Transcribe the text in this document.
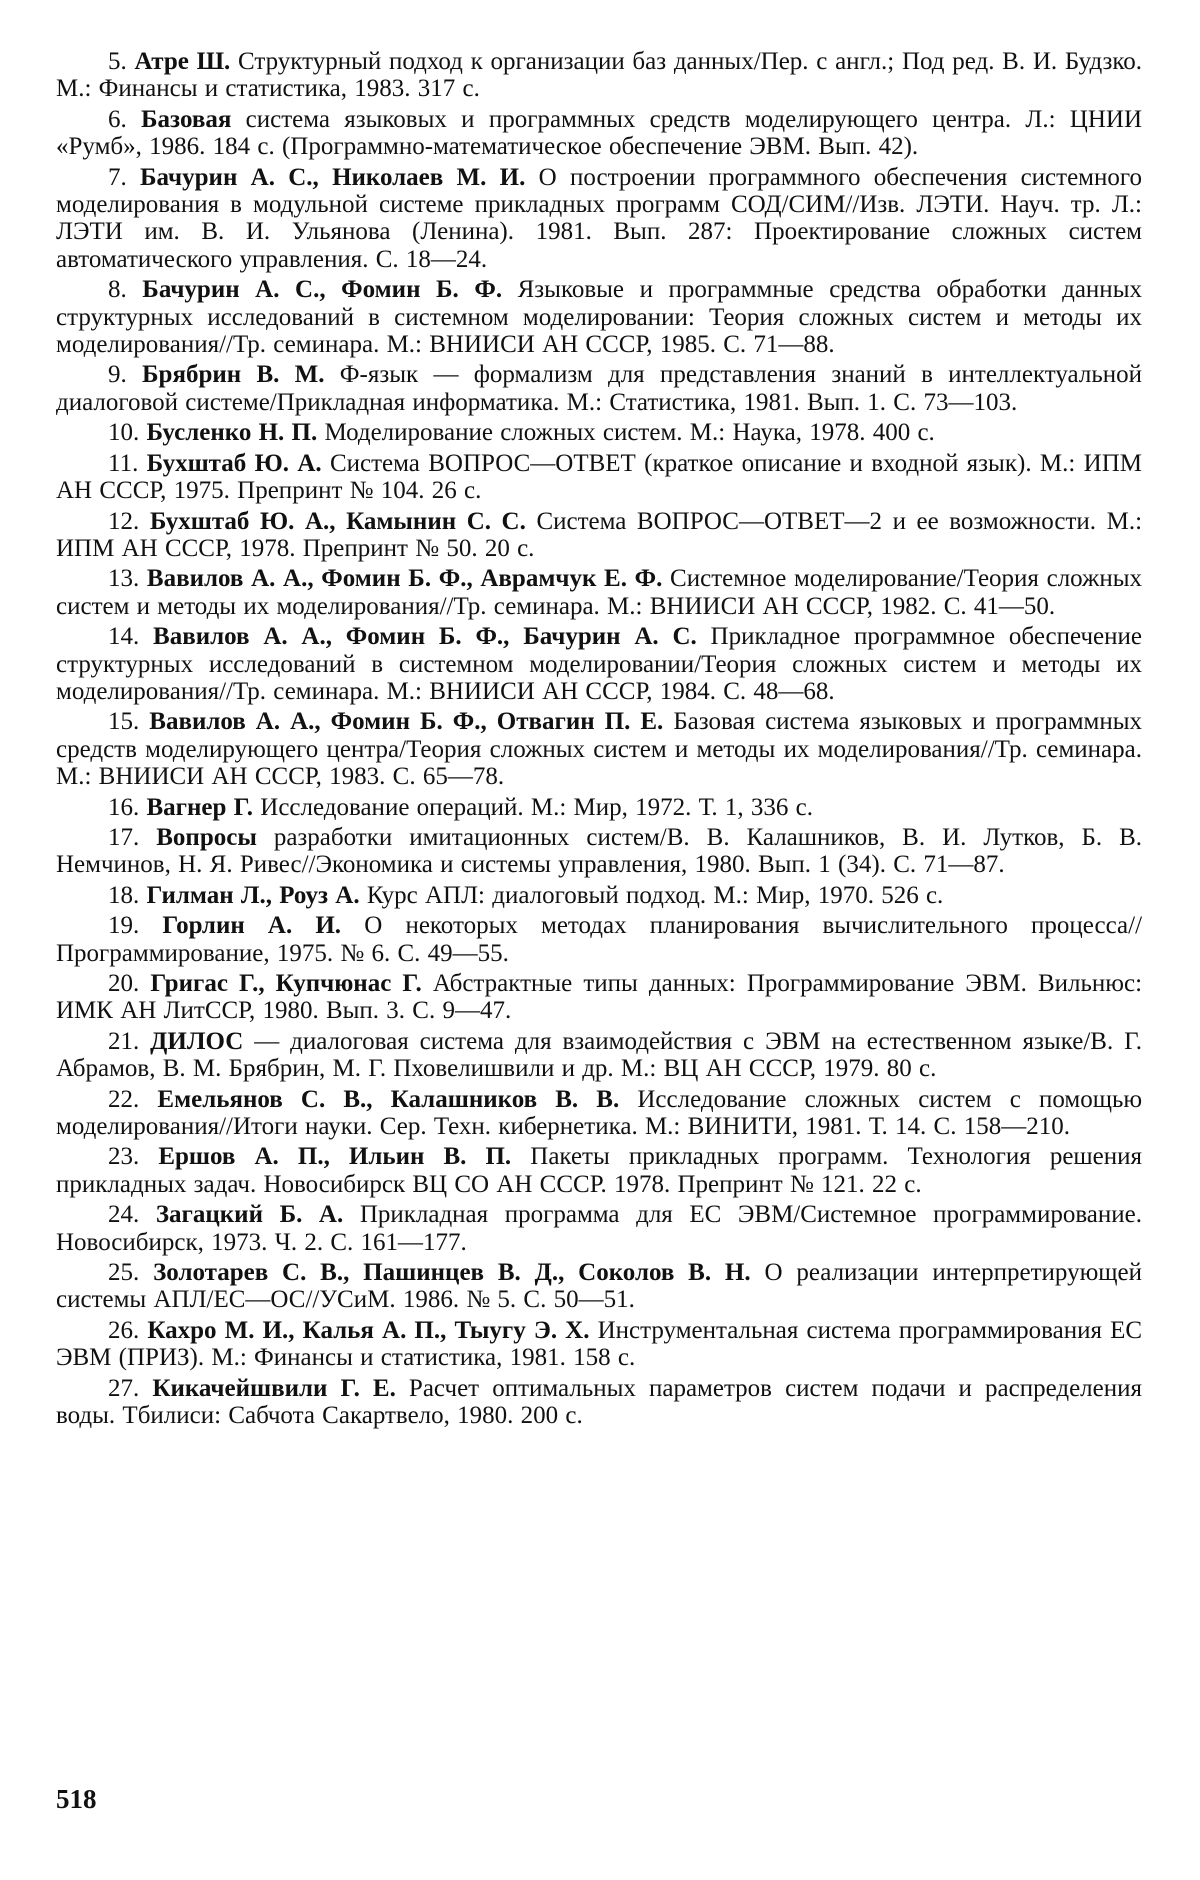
5. Атре Ш. Структурный подход к организации баз данных/Пер. с англ.; Под ред. В. И. Будзко. М.: Финансы и статистика, 1983. 317 с.
6. Базовая система языковых и программных средств моделирующего центра. Л.: ЦНИИ «Румб», 1986. 184 с. (Программно-математическое обеспечение ЭВМ. Вып. 42).
7. Бачурин А. С., Николаев М. И. О построении программного обеспечения системного моделирования в модульной системе прикладных программ СОД/СИМ//Изв. ЛЭТИ. Науч. тр. Л.: ЛЭТИ им. В. И. Ульянова (Ленина). 1981. Вып. 287: Проектирование сложных систем автоматического управления. С. 18—24.
8. Бачурин А. С., Фомин Б. Ф. Языковые и программные средства обработки данных структурных исследований в системном моделировании: Теория сложных систем и методы их моделирования//Тр. семинара. М.: ВНИИСИ АН СССР, 1985. С. 71—88.
9. Брябрин В. М. Ф-язык — формализм для представления знаний в интеллектуальной диалоговой системе/Прикладная информатика. М.: Статистика, 1981. Вып. 1. С. 73—103.
10. Бусленко Н. П. Моделирование сложных систем. М.: Наука, 1978. 400 с.
11. Бухштаб Ю. А. Система ВОПРОС—ОТВЕТ (краткое описание и входной язык). М.: ИПМ АН СССР, 1975. Препринт № 104. 26 с.
12. Бухштаб Ю. А., Камынин С. С. Система ВОПРОС—ОТВЕТ—2 и ее возможности. М.: ИПМ АН СССР, 1978. Препринт № 50. 20 с.
13. Вавилов А. А., Фомин Б. Ф., Аврамчук Е. Ф. Системное моделирование/Теория сложных систем и методы их моделирования//Тр. семинара. М.: ВНИИСИ АН СССР, 1982. С. 41—50.
14. Вавилов А. А., Фомин Б. Ф., Бачурин А. С. Прикладное программное обеспечение структурных исследований в системном моделировании/Теория сложных систем и методы их моделирования//Тр. семинара. М.: ВНИИСИ АН СССР, 1984. С. 48—68.
15. Вавилов А. А., Фомин Б. Ф., Отвагин П. Е. Базовая система языковых и программных средств моделирующего центра/Теория сложных систем и методы их моделирования//Тр. семинара. М.: ВНИИСИ АН СССР, 1983. С. 65—78.
16. Вагнер Г. Исследование операций. М.: Мир, 1972. Т. 1, 336 с.
17. Вопросы разработки имитационных систем/В. В. Калашников, В. И. Лутков, Б. В. Немчинов, Н. Я. Ривес//Экономика и системы управления, 1980. Вып. 1 (34). С. 71—87.
18. Гилман Л., Роуз А. Курс АПЛ: диалоговый подход. М.: Мир, 1970. 526 с.
19. Горлин А. И. О некоторых методах планирования вычислительного процесса//Программирование, 1975. № 6. С. 49—55.
20. Григас Г., Купчюнас Г. Абстрактные типы данных: Программирование ЭВМ. Вильнюс: ИМК АН ЛитССР, 1980. Вып. 3. С. 9—47.
21. ДИЛОС — диалоговая система для взаимодействия с ЭВМ на естественном языке/В. Г. Абрамов, В. М. Брябрин, М. Г. Пховелишвили и др. М.: ВЦ АН СССР, 1979. 80 с.
22. Емельянов С. В., Калашников В. В. Исследование сложных систем с помощью моделирования//Итоги науки. Сер. Техн. кибернетика. М.: ВИНИТИ, 1981. Т. 14. С. 158—210.
23. Ершов А. П., Ильин В. П. Пакеты прикладных программ. Технология решения прикладных задач. Новосибирск ВЦ СО АН СССР. 1978. Препринт № 121. 22 с.
24. Загацкий Б. А. Прикладная программа для ЕС ЭВМ/Системное программирование. Новосибирск, 1973. Ч. 2. С. 161—177.
25. Золотарев С. В., Пашинцев В. Д., Соколов В. Н. О реализации интерпретирующей системы АПЛ/ЕС—ОС//УСиМ. 1986. № 5. С. 50—51.
26. Кахро М. И., Калья А. П., Тыугу Э. Х. Инструментальная система программирования ЕС ЭВМ (ПРИЗ). М.: Финансы и статистика, 1981. 158 с.
27. Кикачейшвили Г. Е. Расчет оптимальных параметров систем подачи и распределения воды. Тбилиси: Сабчота Сакартвело, 1980. 200 с.
518
